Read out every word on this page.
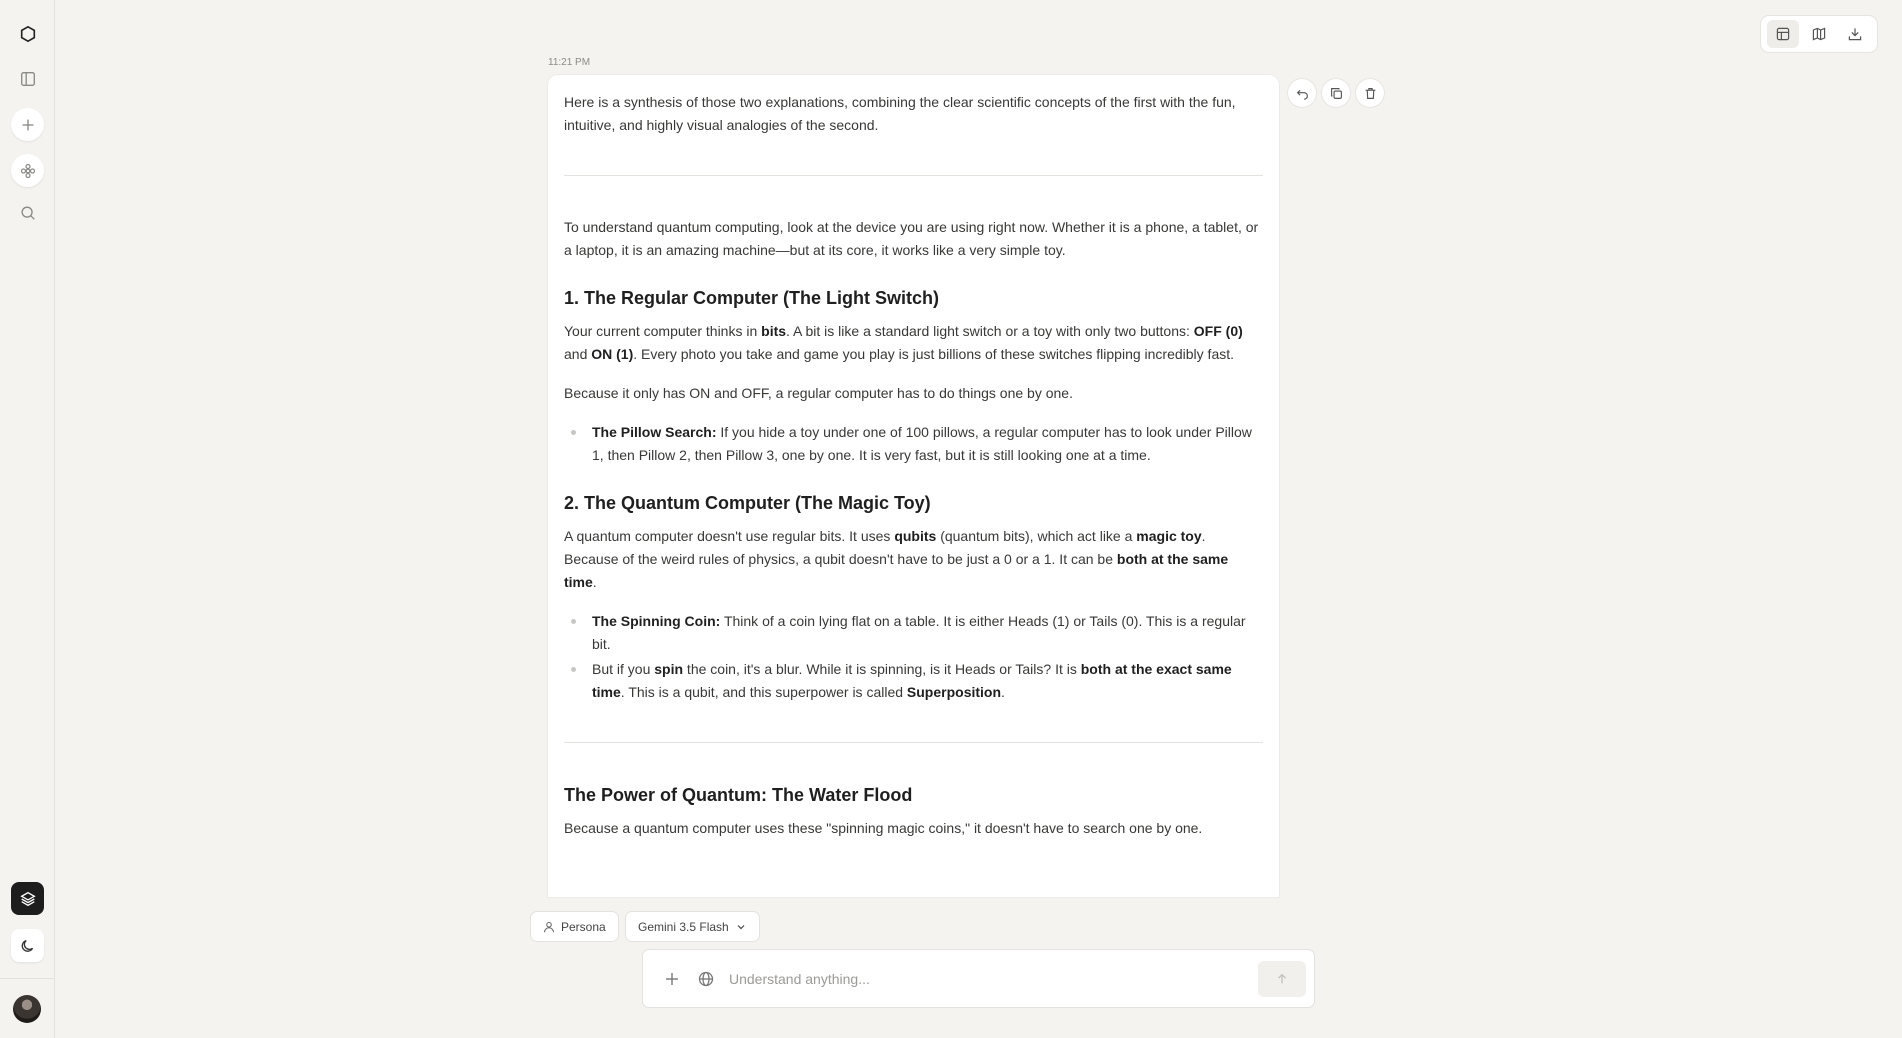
11:21 PM

Here is a synthesis of those two explanations, combining the clear scientific concepts of the first with the fun, intuitive, and highly visual analogies of the second.

To understand quantum computing, look at the device you are using right now. Whether it is a phone, a tablet, or a laptop, it is an amazing machine—but at its core, it works like a very simple toy.

1. The Regular Computer (The Light Switch)

Your current computer thinks in bits. A bit is like a standard light switch or a toy with only two buttons: OFF (0) and ON (1). Every photo you take and game you play is just billions of these switches flipping incredibly fast.

Because it only has ON and OFF, a regular computer has to do things one by one.

The Pillow Search: If you hide a toy under one of 100 pillows, a regular computer has to look under Pillow 1, then Pillow 2, then Pillow 3, one by one. It is very fast, but it is still looking one at a time.
2. The Quantum Computer (The Magic Toy)

A quantum computer doesn't use regular bits. It uses qubits (quantum bits), which act like a magic toy. Because of the weird rules of physics, a qubit doesn't have to be just a 0 or a 1. It can be both at the same time.

The Spinning Coin: Think of a coin lying flat on a table. It is either Heads (1) or Tails (0). This is a regular bit.
But if you spin the coin, it's a blur. While it is spinning, is it Heads or Tails? It is both at the exact same time. This is a qubit, and this superpower is called Superposition.
The Power of Quantum: The Water Flood

Because a quantum computer uses these "spinning magic coins," it doesn't have to search one by one.

Persona	Gemini 3.5 Flash
Understand anything...
